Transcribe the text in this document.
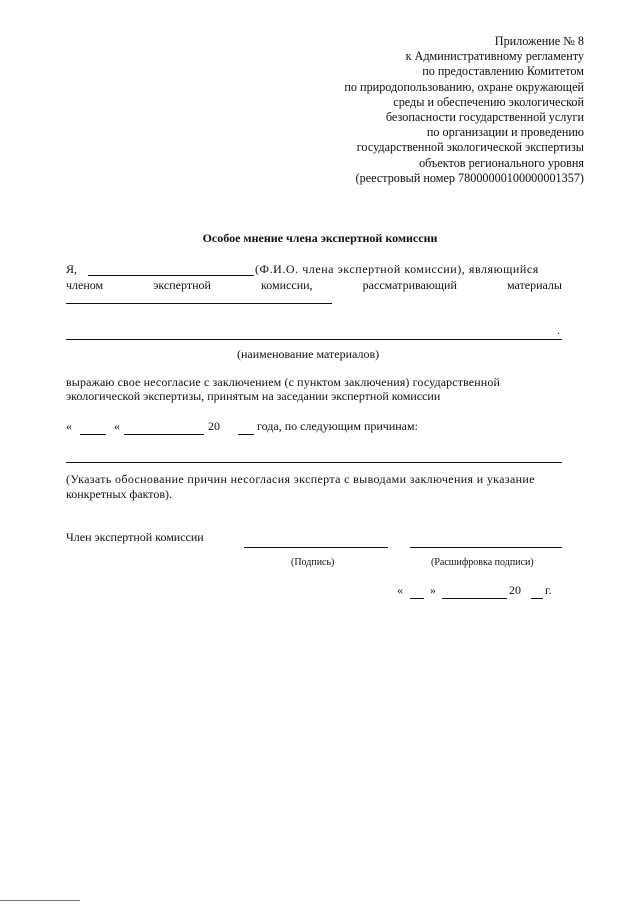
Приложение № 8
к Административному регламенту
по предоставлению Комитетом
по природопользованию, охране окружающей
среды и обеспечению экологической
безопасности государственной услуги
по организации и проведению
государственной экологической экспертизы
объектов регионального уровня
(реестровый номер 78000000100000001357)
Особое мнение члена экспертной комиссии
Я,	(Ф.И.О. члена экспертной комиссии), являющийся
членом	экспертной	комиссии,	рассматривающий	материалы
.
(наименование материалов)
выражаю свое несогласие с заключением (с пунктом заключения) государственной
экологической экспертизы, принятым на заседании экспертной комиссии
«	«	20	года, по следующим причинам:
(Указать обоснование причин несогласия эксперта с выводами заключения и указание
конкретных фактов).
Член экспертной комиссии
(Подпись)	(Расшифровка подписи)
« »	20 г.
